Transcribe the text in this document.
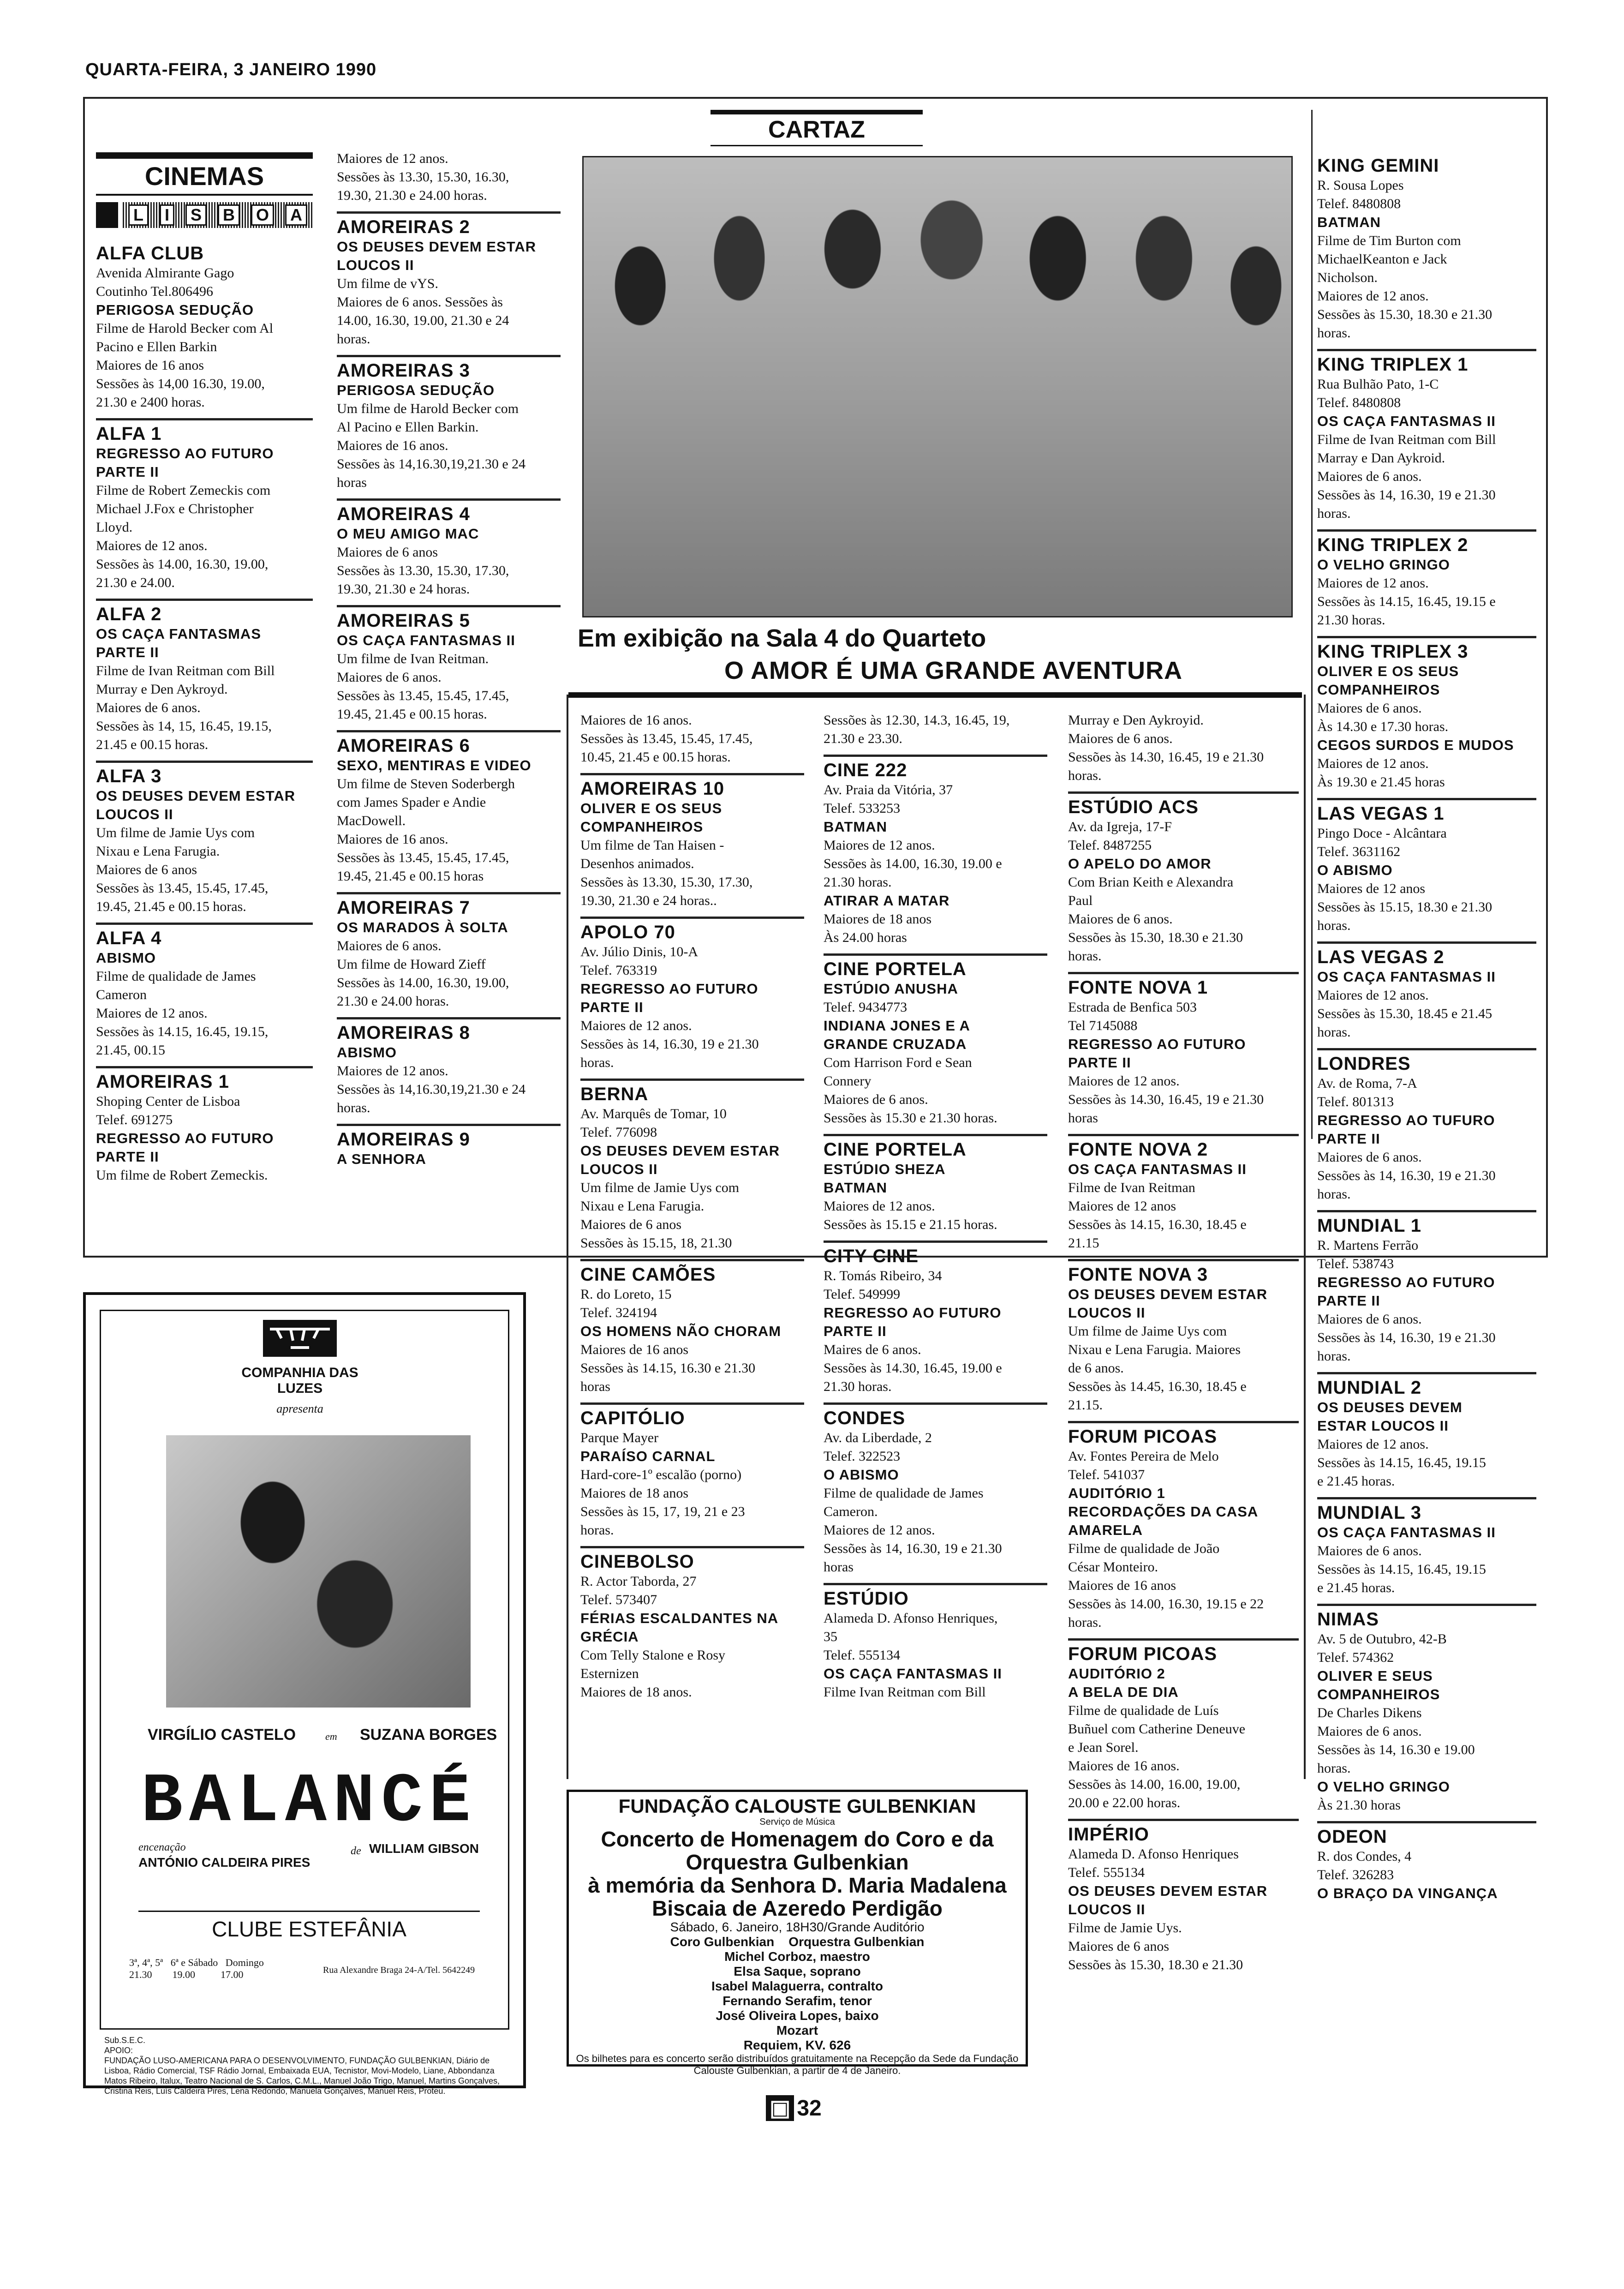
QUARTA-FEIRA, 3 JANEIRO 1990
CARTAZ
CINEMAS
L	I	S	B	O	A
ALFA CLUB
Avenida Almirante Gago
Coutinho Tel.806496
PERIGOSA SEDUÇÃO
Filme de Harold Becker com Al
Pacino e Ellen Barkin
Maiores de 16 anos
Sessões às 14,00 16.30, 19.00,
21.30 e 2400 horas.
ALFA 1
REGRESSO AO FUTURO
PARTE II
Filme de Robert Zemeckis com
Michael J.Fox e Christopher
Lloyd.
Maiores de 12 anos.
Sessões às 14.00, 16.30, 19.00,
21.30 e 24.00.
ALFA 2
OS CAÇA FANTASMAS
PARTE II
Filme de Ivan Reitman com Bill
Murray e Den Aykroyd.
Maiores de 6 anos.
Sessões às 14, 15, 16.45, 19.15,
21.45 e 00.15 horas.
ALFA 3
OS DEUSES DEVEM ESTAR
LOUCOS II
Um filme de Jamie Uys com
Nixau e Lena Farugia.
Maiores de 6 anos
Sessões às 13.45, 15.45, 17.45,
19.45, 21.45 e 00.15 horas.
ALFA 4
ABISMO
Filme de qualidade de James
Cameron
Maiores de 12 anos.
Sessões às 14.15, 16.45, 19.15,
21.45, 00.15
AMOREIRAS 1
Shoping Center de Lisboa
Telef. 691275
REGRESSO AO FUTURO
PARTE II
Um filme de Robert Zemeckis.
Maiores de 12 anos.
Sessões às 13.30, 15.30, 16.30,
19.30, 21.30 e 24.00 horas.
AMOREIRAS 2
OS DEUSES DEVEM ESTAR
LOUCOS II
Um filme de vYS.
Maiores de 6 anos. Sessões às
14.00, 16.30, 19.00, 21.30 e 24
horas.
AMOREIRAS 3
PERIGOSA SEDUÇÃO
Um filme de Harold Becker com
Al Pacino e Ellen Barkin.
Maiores de 16 anos.
Sessões às 14,16.30,19,21.30 e 24
horas
AMOREIRAS 4
O MEU AMIGO MAC
Maiores de 6 anos
Sessões às 13.30, 15.30, 17.30,
19.30, 21.30 e 24 horas.
AMOREIRAS 5
OS CAÇA FANTASMAS II
Um filme de Ivan Reitman.
Maiores de 6 anos.
Sessões às 13.45, 15.45, 17.45,
19.45, 21.45 e 00.15 horas.
AMOREIRAS 6
SEXO, MENTIRAS E VIDEO
Um filme de Steven Soderbergh
com James Spader e Andie
MacDowell.
Maiores de 16 anos.
Sessões às 13.45, 15.45, 17.45,
19.45, 21.45 e 00.15 horas
AMOREIRAS 7
OS MARADOS À SOLTA
Maiores de 6 anos.
Um filme de Howard Zieff
Sessões às 14.00, 16.30, 19.00,
21.30 e 24.00 horas.
AMOREIRAS 8
ABISMO
Maiores de 12 anos.
Sessões às 14,16.30,19,21.30 e 24
horas.
AMOREIRAS 9
A SENHORA
Em exibição na Sala 4 do Quarteto
O AMOR É UMA GRANDE AVENTURA
Maiores de 16 anos.
Sessões às 13.45, 15.45, 17.45,
10.45, 21.45 e 00.15 horas.
AMOREIRAS 10
OLIVER E OS SEUS
COMPANHEIROS
Um filme de Tan Haisen -
Desenhos animados.
Sessões às 13.30, 15.30, 17.30,
19.30, 21.30 e 24 horas..
APOLO 70
Av. Júlio Dinis, 10-A
Telef. 763319
REGRESSO AO FUTURO
PARTE II
Maiores de 12 anos.
Sessões às 14, 16.30, 19 e 21.30
horas.
BERNA
Av. Marquês de Tomar, 10
Telef. 776098
OS DEUSES DEVEM ESTAR
LOUCOS II
Um filme de Jamie Uys com
Nixau e Lena Farugia.
Maiores de 6 anos
Sessões às 15.15, 18, 21.30
CINE CAMÕES
R. do Loreto, 15
Telef. 324194
OS HOMENS NÃO CHORAM
Maiores de 16 anos
Sessões às 14.15, 16.30 e 21.30
horas
CAPITÓLIO
Parque Mayer
PARAÍSO CARNAL
Hard-core-1º escalão (porno)
Maiores de 18 anos
Sessões às 15, 17, 19, 21 e 23
horas.
CINEBOLSO
R. Actor Taborda, 27
Telef. 573407
FÉRIAS ESCALDANTES NA
GRÉCIA
Com Telly Stalone e Rosy
Esternizen
Maiores de 18 anos.
Sessões às 12.30, 14.3, 16.45, 19,
21.30 e 23.30.
CINE 222
Av. Praia da Vitória, 37
Telef. 533253
BATMAN
Maiores de 12 anos.
Sessões às 14.00, 16.30, 19.00 e
21.30 horas.
ATIRAR A MATAR
Maiores de 18 anos
Às 24.00 horas
CINE PORTELA
ESTÚDIO ANUSHA
Telef. 9434773
INDIANA JONES E A
GRANDE CRUZADA
Com Harrison Ford e Sean
Connery
Maiores de 6 anos.
Sessões às 15.30 e 21.30 horas.
CINE PORTELA
ESTÚDIO SHEZA
BATMAN
Maiores de 12 anos.
Sessões às 15.15 e 21.15 horas.
CITY CINE
R. Tomás Ribeiro, 34
Telef. 549999
REGRESSO AO FUTURO
PARTE II
Maires de 6 anos.
Sessões às 14.30, 16.45, 19.00 e
21.30 horas.
CONDES
Av. da Liberdade, 2
Telef. 322523
O ABISMO
Filme de qualidade de James
Cameron.
Maiores de 12 anos.
Sessões às 14, 16.30, 19 e 21.30
horas
ESTÚDIO
Alameda D. Afonso Henriques,
35
Telef. 555134
OS CAÇA FANTASMAS II
Filme Ivan Reitman com Bill
Murray e Den Aykroyid.
Maiores de 6 anos.
Sessões às 14.30, 16.45, 19 e 21.30
horas.
ESTÚDIO ACS
Av. da Igreja, 17-F
Telef. 8487255
O APELO DO AMOR
Com Brian Keith e Alexandra
Paul
Maiores de 6 anos.
Sessões às 15.30, 18.30 e 21.30
horas.
FONTE NOVA 1
Estrada de Benfica 503
Tel 7145088
REGRESSO AO FUTURO
PARTE II
Maiores de 12 anos.
Sessões às 14.30, 16.45, 19 e 21.30
horas
FONTE NOVA 2
OS CAÇA FANTASMAS II
Filme de Ivan Reitman
Maiores de 12 anos
Sessões às 14.15, 16.30, 18.45 e
21.15
FONTE NOVA 3
OS DEUSES DEVEM ESTAR
LOUCOS II
Um filme de Jaime Uys com
Nixau e Lena Farugia. Maiores
de 6 anos.
Sessões às 14.45, 16.30, 18.45 e
21.15.
FORUM PICOAS
Av. Fontes Pereira de Melo
Telef. 541037
AUDITÓRIO 1
RECORDAÇÕES DA CASA
AMARELA
Filme de qualidade de João
César Monteiro.
Maiores de 16 anos
Sessões às 14.00, 16.30, 19.15 e 22
horas.
FORUM PICOAS
AUDITÓRIO 2
A BELA DE DIA
Filme de qualidade de Luís
Buñuel com Catherine Deneuve
e Jean Sorel.
Maiores de 16 anos.
Sessões às 14.00, 16.00, 19.00,
20.00 e 22.00 horas.
IMPÉRIO
Alameda D. Afonso Henriques
Telef. 555134
OS DEUSES DEVEM ESTAR
LOUCOS II
Filme de Jamie Uys.
Maiores de 6 anos
Sessões às 15.30, 18.30 e 21.30
KING GEMINI
R. Sousa Lopes
Telef. 8480808
BATMAN
Filme de Tim Burton com
MichaelKeanton e Jack
Nicholson.
Maiores de 12 anos.
Sessões às 15.30, 18.30 e 21.30
horas.
KING TRIPLEX 1
Rua Bulhão Pato, 1-C
Telef. 8480808
OS CAÇA FANTASMAS II
Filme de Ivan Reitman com Bill
Marray e Dan Aykroid.
Maiores de 6 anos.
Sessões às 14, 16.30, 19 e 21.30
horas.
KING TRIPLEX 2
O VELHO GRINGO
Maiores de 12 anos.
Sessões às 14.15, 16.45, 19.15 e
21.30 horas.
KING TRIPLEX 3
OLIVER E OS SEUS
COMPANHEIROS
Maiores de 6 anos.
Às 14.30 e 17.30 horas.
CEGOS SURDOS E MUDOS
Maiores de 12 anos.
Às 19.30 e 21.45 horas
LAS VEGAS 1
Pingo Doce - Alcântara
Telef. 3631162
O ABISMO
Maiores de 12 anos
Sessões às 15.15, 18.30 e 21.30
horas.
LAS VEGAS 2
OS CAÇA FANTASMAS II
Maiores de 12 anos.
Sessões às 15.30, 18.45 e 21.45
horas.
LONDRES
Av. de Roma, 7-A
Telef. 801313
REGRESSO AO TUFURO
PARTE II
Maiores de 6 anos.
Sessões às 14, 16.30, 19 e 21.30
horas.
MUNDIAL 1
R. Martens Ferrão
Telef. 538743
REGRESSO AO FUTURO
PARTE II
Maiores de 6 anos.
Sessões às 14, 16.30, 19 e 21.30
horas.
MUNDIAL 2
OS DEUSES DEVEM
ESTAR LOUCOS II
Maiores de 12 anos.
Sessões às 14.15, 16.45, 19.15
e 21.45 horas.
MUNDIAL 3
OS CAÇA FANTASMAS II
Maiores de 6 anos.
Sessões às 14.15, 16.45, 19.15
e 21.45 horas.
NIMAS
Av. 5 de Outubro, 42-B
Telef. 574362
OLIVER E SEUS
COMPANHEIROS
De Charles Dikens
Maiores de 6 anos.
Sessões às 14, 16.30 e 19.00
horas.
O VELHO GRINGO
Às 21.30 horas
ODEON
R. dos Condes, 4
Telef. 326283
O BRAÇO DA VINGANÇA
COMPANHIA DAS LUZES
apresenta
VIRGÍLIO CASTELO	em SUZANA BORGES
BALANCÉ
encenação
ANTÓNIO CALDEIRA PIRES
de WILLIAM GIBSON
CLUBE ESTEFÂNIA
3ª, 4ª, 5ª   6ª e Sábado   Domingo
21.30        19.00          17.00	Rua Alexandre Braga 24-A/Tel. 5642249
Sub.S.E.C.
APOIO:
FUNDAÇÃO LUSO-AMERICANA PARA O DESENVOLVIMENTO, FUNDAÇÃO GULBENKIAN, Diário de Lisboa, Rádio Comercial, TSF Rádio Jornal, Embaixada EUA, Tecnistor, Movi-Modelo, Liane, Abbondanza Matos Ribeiro, Italux, Teatro Nacional de S. Carlos, C.M.L., Manuel João Trigo, Manuel, Martins Gonçalves, Cristina Reis, Luís Caldeira Pires, Lena Redondo, Manuela Gonçalves, Manuel Reis, Proteu.
FUNDAÇÃO CALOUSTE GULBENKIAN
Serviço de Música
Concerto de Homenagem do Coro e da
Orquestra Gulbenkian
à memória da Senhora D. Maria Madalena
Biscaia de Azeredo Perdigão
Sábado, 6. Janeiro, 18H30/Grande Auditório
Coro Gulbenkian    Orquestra Gulbenkian
Michel Corboz, maestro
Elsa Saque, soprano
Isabel Malaguerra, contralto
Fernando Serafim, tenor
José Oliveira Lopes, baixo
Mozart
Requiem, KV. 626
Os bilhetes para es concerto serão distribuídos gratuitamente na Recepção da Sede da Fundação Calouste Gulbenkian, a partir de 4 de Janeiro.
▣ 32
